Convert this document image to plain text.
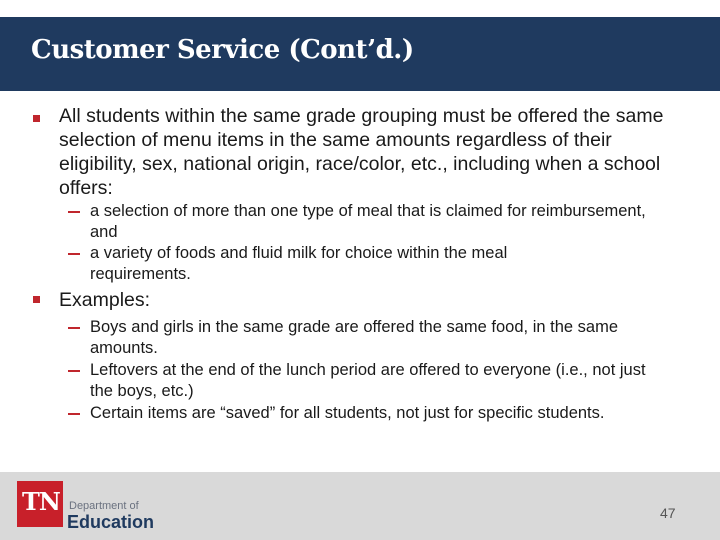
Customer Service (Cont’d.)
All students within the same grade grouping must be offered the same selection of menu items in the same amounts regardless of their eligibility, sex, national origin, race/color, etc., including when a school offers:
a selection of more than one type of meal that is claimed for reimbursement, and
a variety of foods and fluid milk for choice within the meal requirements.
Examples:
Boys and girls in the same grade are offered the same food, in the same amounts.
Leftovers at the end of the lunch period are offered to everyone (i.e., not just the boys, etc.)
Certain items are “saved” for all students, not just for specific students.
TN Department of
Education	47
